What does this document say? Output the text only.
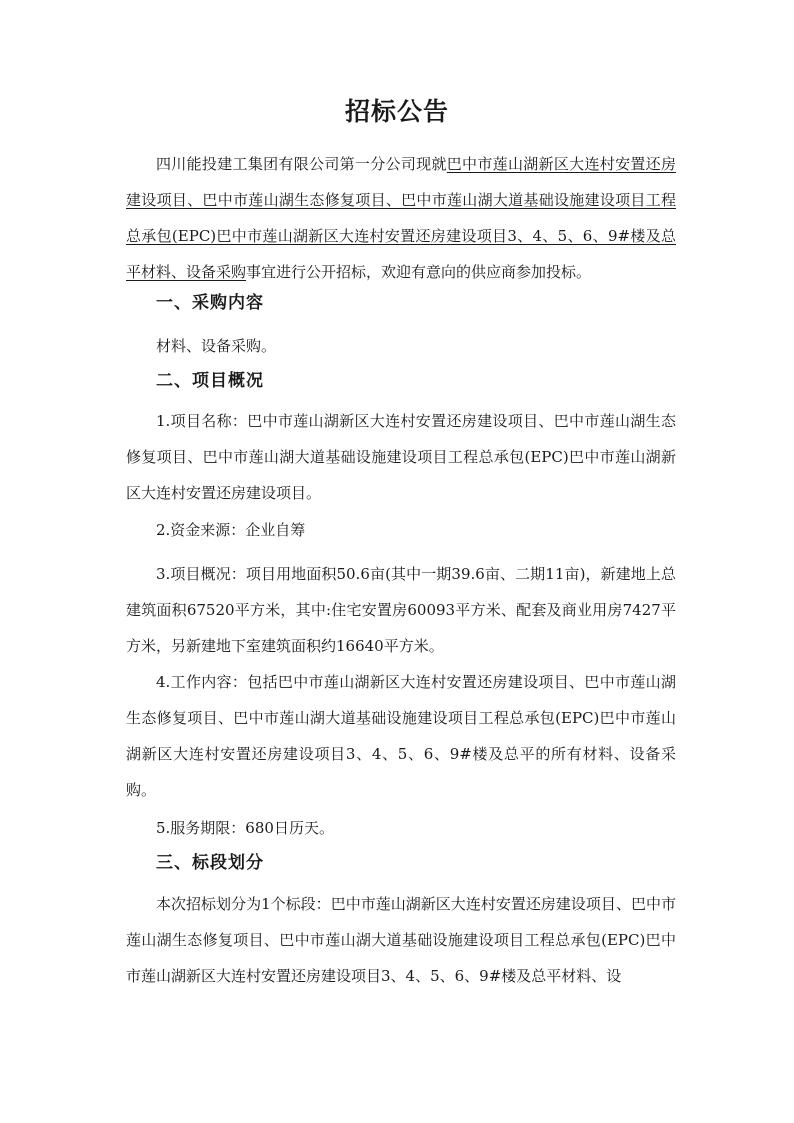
招标公告
四川能投建工集团有限公司第一分公司现就巴中市莲山湖新区大连村安置还房建设项目、巴中市莲山湖生态修复项目、巴中市莲山湖大道基础设施建设项目工程总承包(EPC)巴中市莲山湖新区大连村安置还房建设项目3、4、5、6、9#楼及总平材料、设备采购事宜进行公开招标，欢迎有意向的供应商参加投标。
一、采购内容
材料、设备采购。
二、项目概况
1.项目名称：巴中市莲山湖新区大连村安置还房建设项目、巴中市莲山湖生态修复项目、巴中市莲山湖大道基础设施建设项目工程总承包(EPC)巴中市莲山湖新区大连村安置还房建设项目。
2.资金来源：企业自筹
3.项目概况：项目用地面积50.6亩(其中一期39.6亩、二期11亩)，新建地上总建筑面积67520平方米，其中:住宅安置房60093平方米、配套及商业用房7427平方米，另新建地下室建筑面积约16640平方米。
4.工作内容：包括巴中市莲山湖新区大连村安置还房建设项目、巴中市莲山湖生态修复项目、巴中市莲山湖大道基础设施建设项目工程总承包(EPC)巴中市莲山湖新区大连村安置还房建设项目3、4、5、6、9#楼及总平的所有材料、设备采购。
5.服务期限：680日历天。
三、标段划分
本次招标划分为1个标段：巴中市莲山湖新区大连村安置还房建设项目、巴中市莲山湖生态修复项目、巴中市莲山湖大道基础设施建设项目工程总承包(EPC)巴中市莲山湖新区大连村安置还房建设项目3、4、5、6、9#楼及总平材料、设
